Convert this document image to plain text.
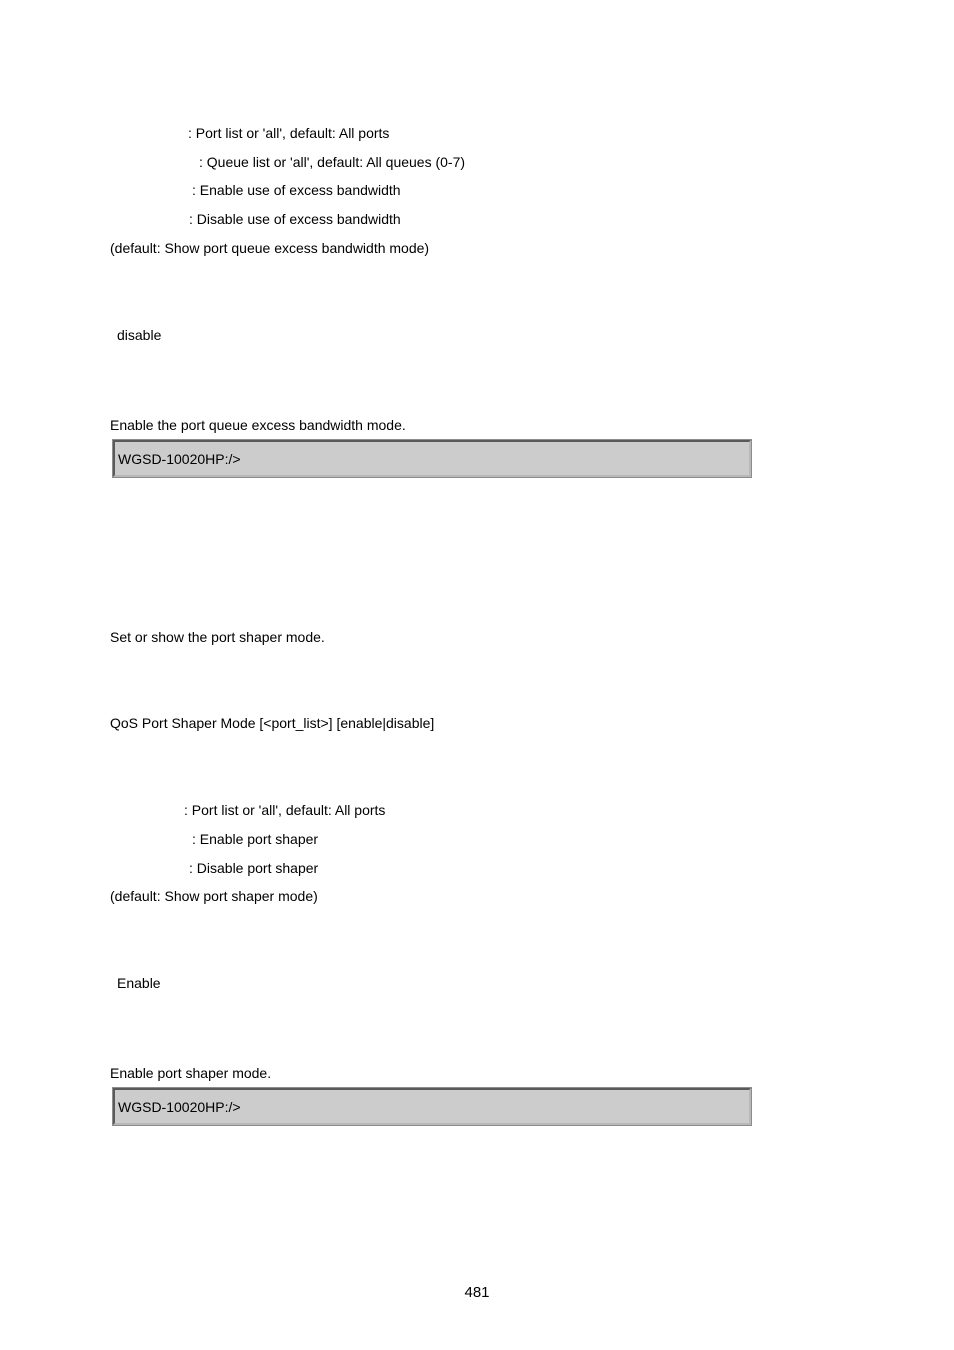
: Port list or 'all', default: All ports
: Queue list or 'all', default: All queues (0-7)
: Enable use of excess bandwidth
: Disable use of excess bandwidth
(default: Show port queue excess bandwidth mode)
disable
Enable the port queue excess bandwidth mode.
WGSD-10020HP:/>
Set or show the port shaper mode.
QoS Port Shaper Mode [<port_list>] [enable|disable]
: Port list or 'all', default: All ports
: Enable port shaper
: Disable port shaper
(default: Show port shaper mode)
Enable
Enable port shaper mode.
WGSD-10020HP:/>
481
